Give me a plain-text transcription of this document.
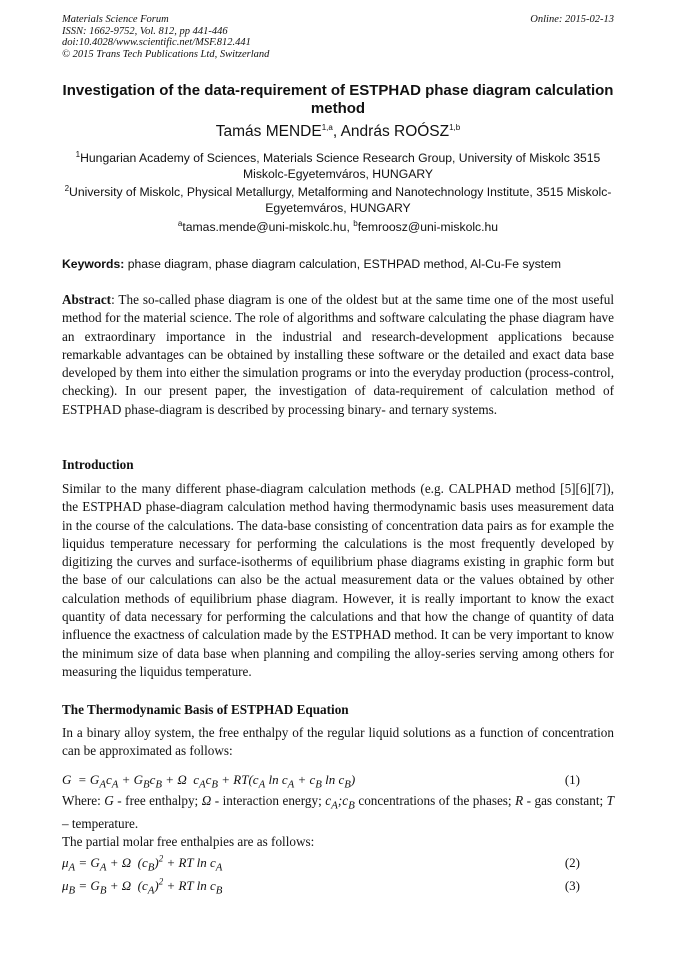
Materials Science Forum
ISSN: 1662-9752, Vol. 812, pp 441-446
doi:10.4028/www.scientific.net/MSF.812.441
© 2015 Trans Tech Publications Ltd, Switzerland
Online: 2015-02-13
Investigation of the data-requirement of ESTPHAD phase diagram calculation method
Tamás MENDE$^{1,a}$, András ROÓSZ$^{1,b}$
$^1$Hungarian Academy of Sciences, Materials Science Research Group, University of Miskolc 3515 Miskolc-Egyetemváros, HUNGARY
$^2$University of Miskolc, Physical Metallurgy, Metalforming and Nanotechnology Institute, 3515 Miskolc-Egyetemváros, HUNGARY
$^a$tamas.mende@uni-miskolc.hu, $^b$femroosz@uni-miskolc.hu
Keywords: phase diagram, phase diagram calculation, ESTHPAD method, Al-Cu-Fe system
Abstract: The so-called phase diagram is one of the oldest but at the same time one of the most useful method for the material science. The role of algorithms and software calculating the phase diagram have an extraordinary importance in the industrial and research-development applications because remarkable advantages can be obtained by installing these software or the detailed and exact data base developed by them into either the simulation programs or into the everyday production (process-control, checking). In our present paper, the investigation of data-requirement of calculation method of ESTPHAD phase-diagram is described by processing binary- and ternary systems.
Introduction
Similar to the many different phase-diagram calculation methods (e.g. CALPHAD method [5][6][7]), the ESTPHAD phase-diagram calculation method having thermodynamic basis uses measurement data in the course of the calculations. The data-base consisting of concentration data pairs as for example the liquidus temperature necessary for performing the calculations is the most frequently developed by digitizing the curves and surface-isotherms of equilibrium phase diagrams existing in graphic form but the base of our calculations can also be the actual measurement data or the values obtained by other calculation methods of equilibrium phase diagram. However, it is really important to know the exact quantity of data necessary for performing the calculations and that how the change of quantity of data influence the exactness of calculation made by the ESTPHAD method. It can be very important to know the minimum size of data base when planning and compiling the alloy-series serving among others for measuring the liquidus temperature.
The Thermodynamic Basis of ESTPHAD Equation
In a binary alloy system, the free enthalpy of the regular liquid solutions as a function of concentration can be approximated as follows:
$G = G_Ac_A + G_Bc_B + \Omega$  $c_Ac_B + RT(c_A$ $\ln c_A + c_B$ $\ln c_B$)	(1)
Where: G - free enthalpy; Ω - interaction energy; $c_A;c_B$ concentrations of the phases; R - gas constant; T – temperature.
The partial molar free enthalpies are as follows:
$\mu_A = G_A + \Omega$  $(c_B)^2$ + RT $\ln c_A$	(2)
$\mu_B = G_B + \Omega$  $(c_A)^2$ + RT $\ln c_B$	(3)
